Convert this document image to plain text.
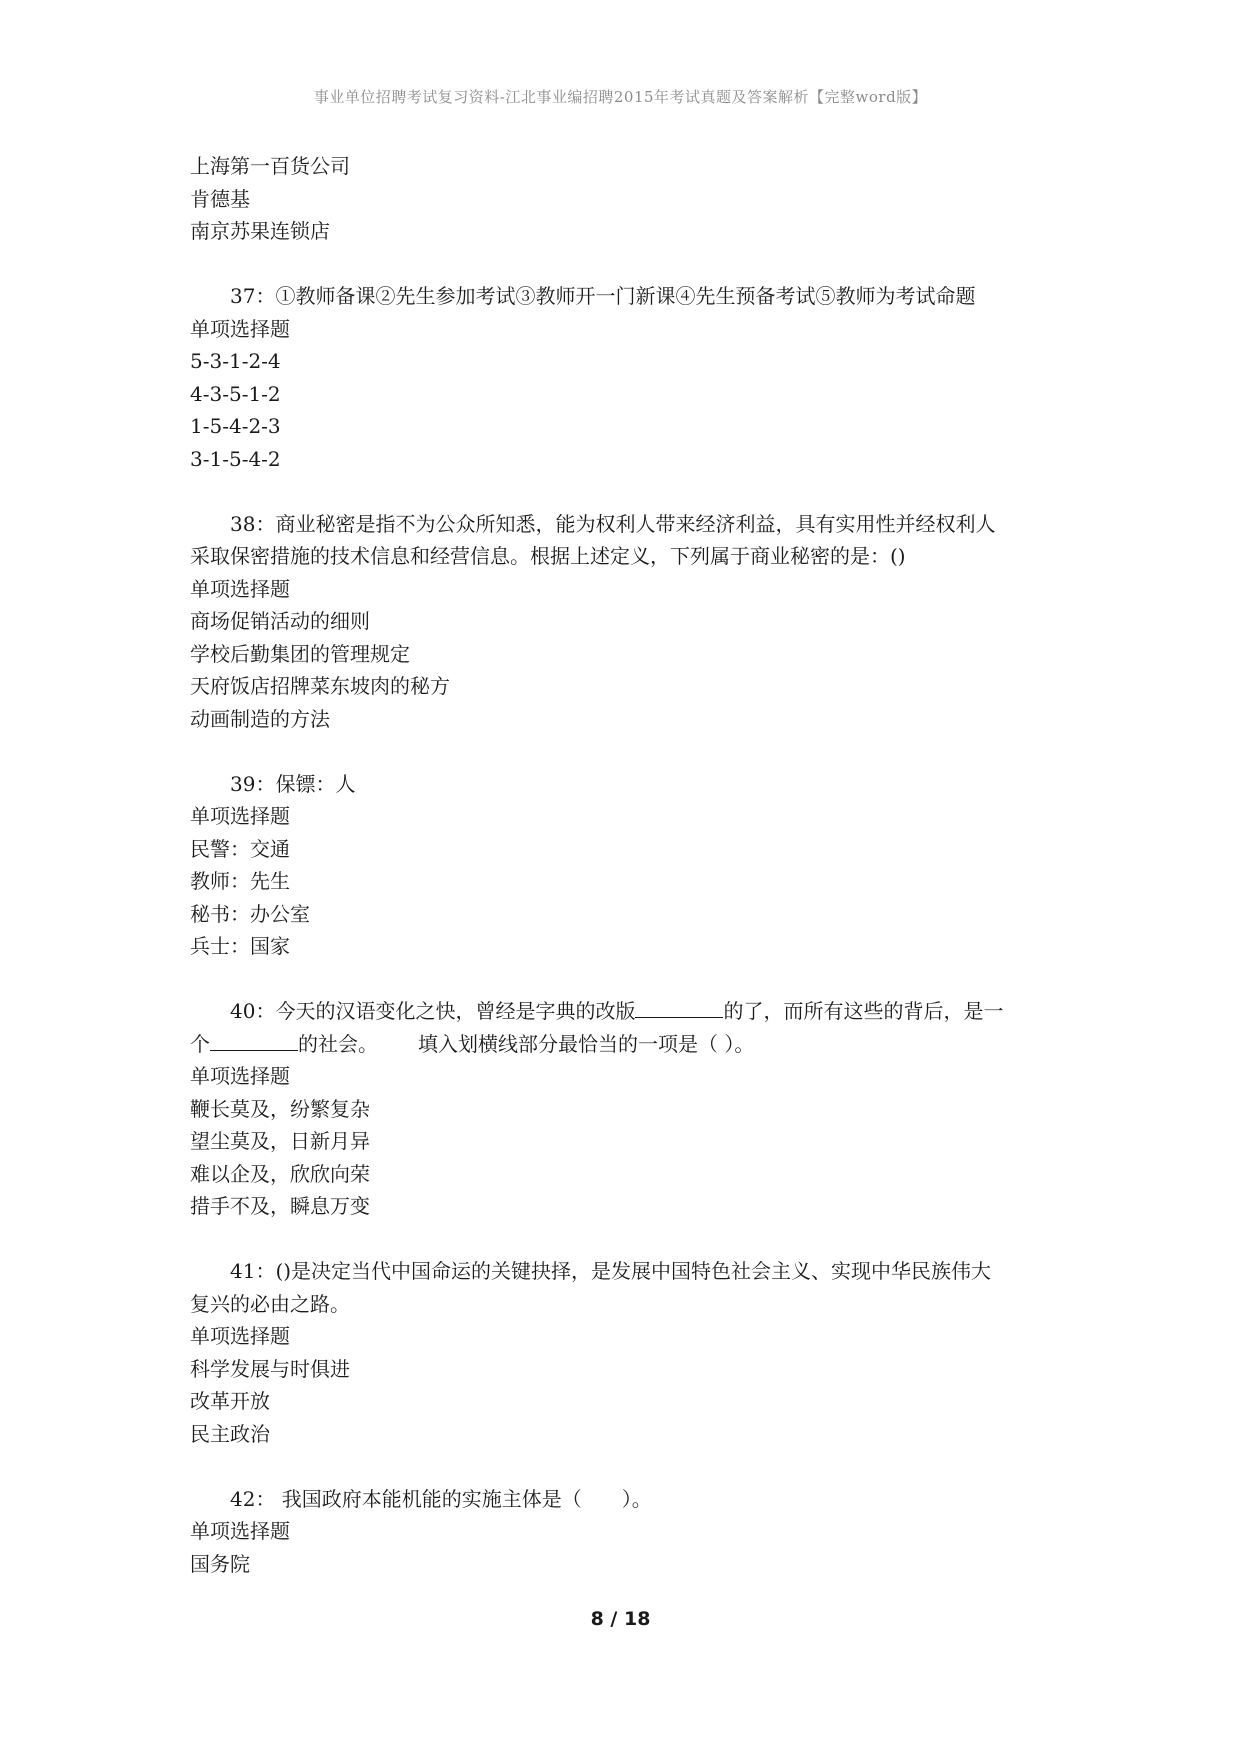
事业单位招聘考试复习资料-江北事业编招聘2015年考试真题及答案解析【完整word版】
上海第一百货公司
肯德基
南京苏果连锁店
37：①教师备课②先生参加考试③教师开一门新课④先生预备考试⑤教师为考试命题
单项选择题
5-3-1-2-4
4-3-5-1-2
1-5-4-2-3
3-1-5-4-2
38：商业秘密是指不为公众所知悉，能为权利人带来经济利益，具有实用性并经权利人
采取保密措施的技术信息和经营信息。根据上述定义，下列属于商业秘密的是：()
单项选择题
商场促销活动的细则
学校后勤集团的管理规定
天府饭店招牌菜东坡肉的秘方
动画制造的方法
39：保镖：人
单项选择题
民警：交通
教师：先生
秘书：办公室
兵士：国家
40：今天的汉语变化之快，曾经是字典的改版	的了，而所有这些的背后，是一
个	的社会。 填入划横线部分最恰当的一项是（ ）。
单项选择题
鞭长莫及，纷繁复杂
望尘莫及，日新月异
难以企及，欣欣向荣
措手不及，瞬息万变
41：()是决定当代中国命运的关键抉择，是发展中国特色社会主义、实现中华民族伟大
复兴的必由之路。
单项选择题
科学发展与时俱进
改革开放
民主政治
42： 我国政府本能机能的实施主体是（　　）。
单项选择题
国务院
8 / 18
